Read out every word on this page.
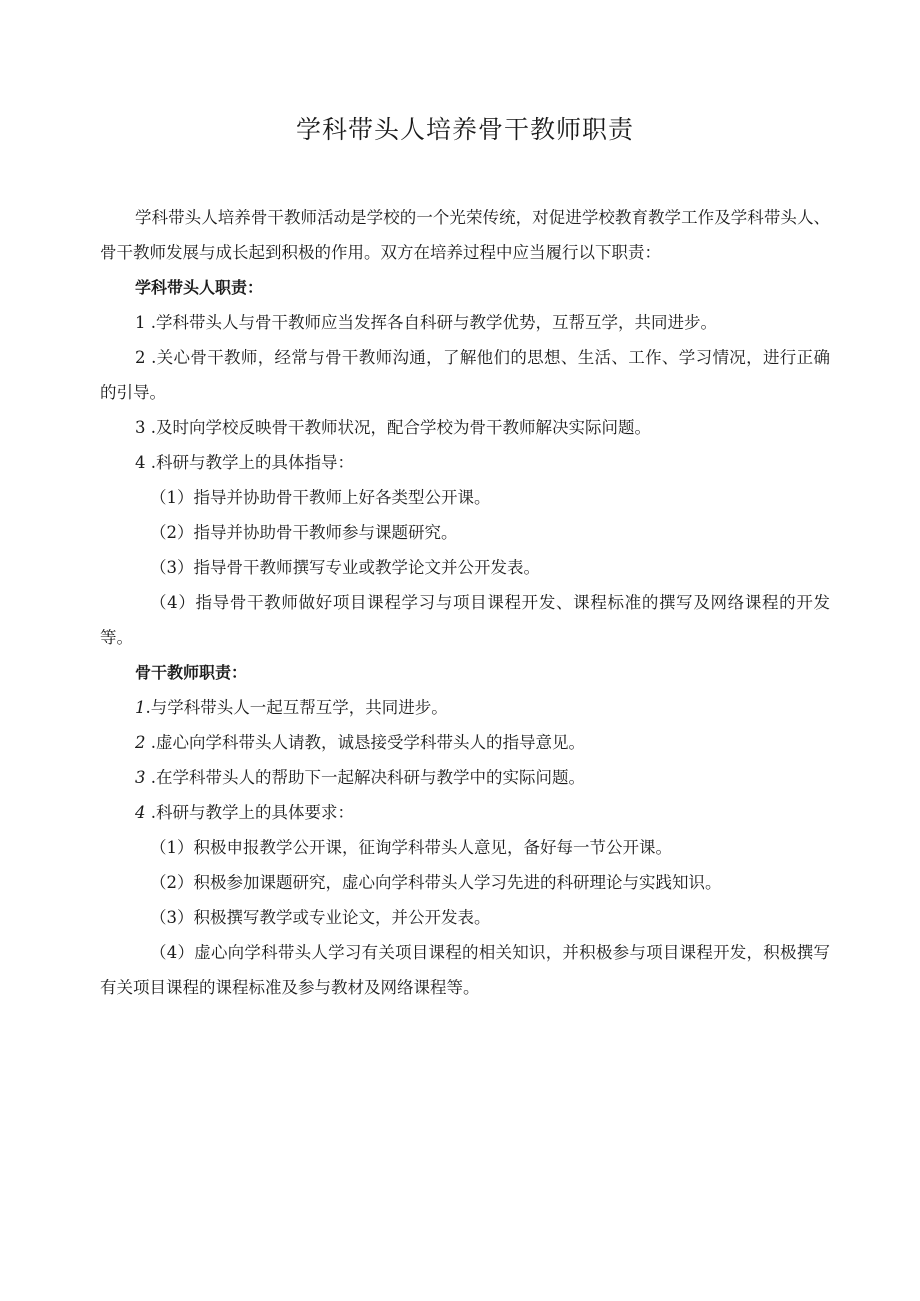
学科带头人培养骨干教师职责

学科带头人培养骨干教师活动是学校的一个光荣传统，对促进学校教育教学工作及学科带头人、骨干教师发展与成长起到积极的作用。双方在培养过程中应当履行以下职责：

学科带头人职责：

1 .学科带头人与骨干教师应当发挥各自科研与教学优势，互帮互学，共同进步。

2 .关心骨干教师，经常与骨干教师沟通，了解他们的思想、生活、工作、学习情况，进行正确的引导。

3 .及时向学校反映骨干教师状况，配合学校为骨干教师解决实际问题。

4 .科研与教学上的具体指导：

（1）指导并协助骨干教师上好各类型公开课。

（2）指导并协助骨干教师参与课题研究。

（3）指导骨干教师撰写专业或教学论文并公开发表。

（4）指导骨干教师做好项目课程学习与项目课程开发、课程标准的撰写及网络课程的开发等。

骨干教师职责：

1.与学科带头人一起互帮互学，共同进步。

2 .虚心向学科带头人请教，诚恳接受学科带头人的指导意见。

3 .在学科带头人的帮助下一起解决科研与教学中的实际问题。

4 .科研与教学上的具体要求：

（1）积极申报教学公开课，征询学科带头人意见，备好每一节公开课。

（2）积极参加课题研究，虚心向学科带头人学习先进的科研理论与实践知识。

（3）积极撰写教学或专业论文，并公开发表。

（4）虚心向学科带头人学习有关项目课程的相关知识，并积极参与项目课程开发，积极撰写有关项目课程的课程标准及参与教材及网络课程等。
